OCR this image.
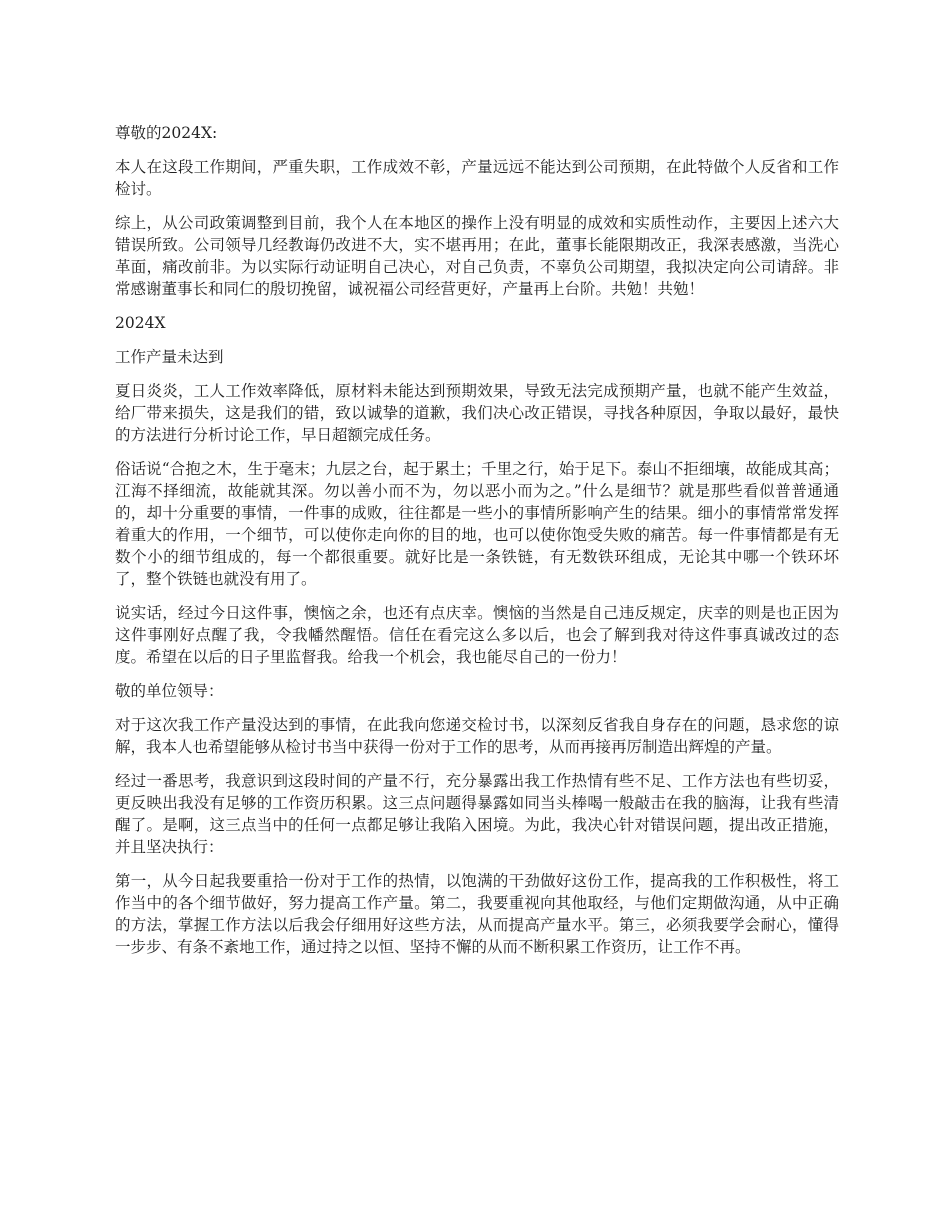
尊敬的2024X:

本人在这段工作期间，严重失职，工作成效不彰，产量远远不能达到公司预期，在此特做个人反省和工作检讨。

综上，从公司政策调整到目前，我个人在本地区的操作上没有明显的成效和实质性动作，主要因上述六大错误所致。公司领导几经教诲仍改进不大，实不堪再用；在此，董事长能限期改正，我深表感激，当洗心革面，痛改前非。为以实际行动证明自己决心，对自己负责，不辜负公司期望，我拟决定向公司请辞。非常感谢董事长和同仁的殷切挽留，诚祝福公司经营更好，产量再上台阶。共勉！共勉！

2024X

工作产量未达到

夏日炎炎，工人工作效率降低，原材料未能达到预期效果，导致无法完成预期产量，也就不能产生效益，给厂带来损失，这是我们的错，致以诚挚的道歉，我们决心改正错误，寻找各种原因，争取以最好，最快的方法进行分析讨论工作，早日超额完成任务。

俗话说“合抱之木，生于毫末；九层之台，起于累土；千里之行，始于足下。泰山不拒细壤，故能成其高；江海不择细流，故能就其深。勿以善小而不为，勿以恶小而为之。”什么是细节？就是那些看似普普通通的，却十分重要的事情，一件事的成败，往往都是一些小的事情所影响产生的结果。细小的事情常常发挥着重大的作用，一个细节，可以使你走向你的目的地，也可以使你饱受失败的痛苦。每一件事情都是有无数个小的细节组成的，每一个都很重要。就好比是一条铁链，有无数铁环组成，无论其中哪一个铁环坏了，整个铁链也就没有用了。

说实话，经过今日这件事，懊恼之余，也还有点庆幸。懊恼的当然是自己违反规定，庆幸的则是也正因为这件事刚好点醒了我，令我幡然醒悟。信任在看完这么多以后，也会了解到我对待这件事真诚改过的态度。希望在以后的日子里监督我。给我一个机会，我也能尽自己的一份力！

敬的单位领导：

对于这次我工作产量没达到的事情，在此我向您递交检讨书，以深刻反省我自身存在的问题，恳求您的谅解，我本人也希望能够从检讨书当中获得一份对于工作的思考，从而再接再厉制造出辉煌的产量。

经过一番思考，我意识到这段时间的产量不行，充分暴露出我工作热情有些不足、工作方法也有些切妥，更反映出我没有足够的工作资历积累。这三点问题得暴露如同当头棒喝一般敲击在我的脑海，让我有些清醒了。是啊，这三点当中的任何一点都足够让我陷入困境。为此，我决心针对错误问题，提出改正措施，并且坚决执行：

第一，从今日起我要重拾一份对于工作的热情，以饱满的干劲做好这份工作，提高我的工作积极性，将工作当中的各个细节做好，努力提高工作产量。第二，我要重视向其他取经，与他们定期做沟通，从中正确的方法，掌握工作方法以后我会仔细用好这些方法，从而提高产量水平。第三，必须我要学会耐心，懂得一步步、有条不紊地工作，通过持之以恒、坚持不懈的从而不断积累工作资历，让工作不再。
